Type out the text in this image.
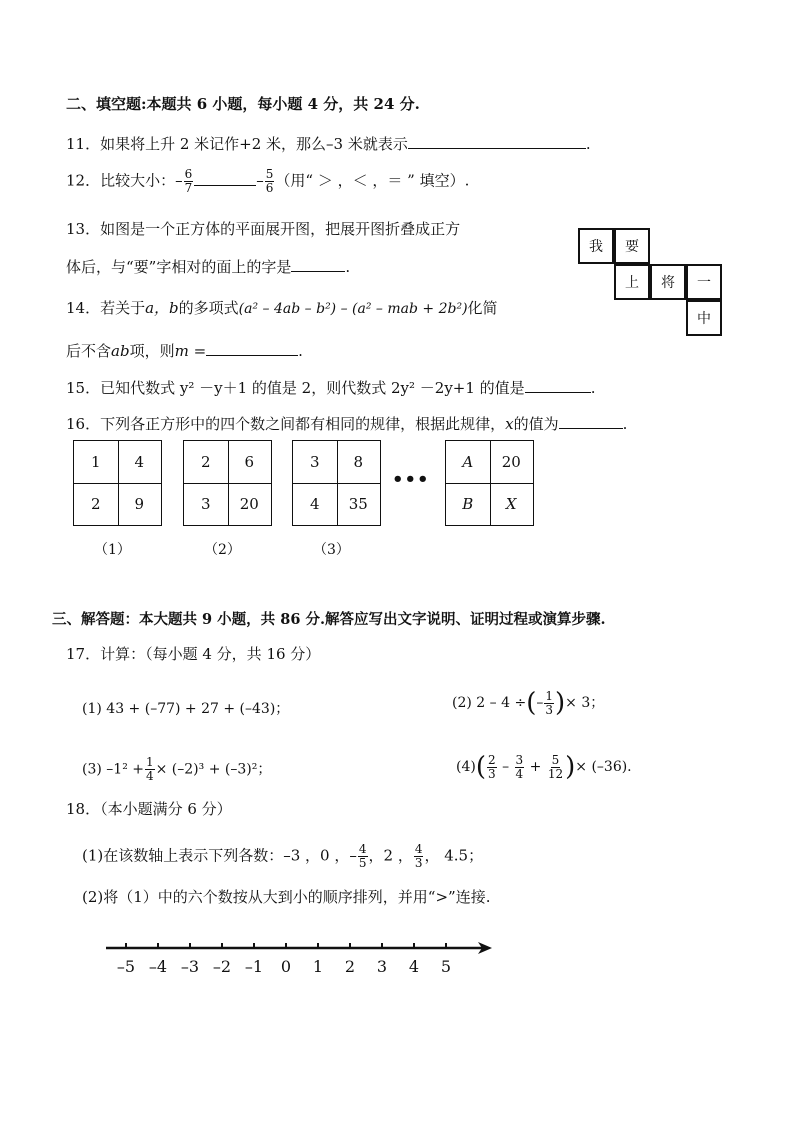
二、填空题:本题共 6 小题，每小题 4 分，共 24 分.
11．如果将上升 2 米记作+2 米，那么–3 米就表示	.
12．比较大小：– $\frac{6}{7}$	– $\frac{5}{6}$ （用“ ＞ ，＜ ，＝ ” 填空）.
13．如图是一个正方体的平面展开图，把展开图折叠成正方
体后，与“要”字相对的面上的字是	.
我	要
上	将	一
中
14．若关于a，b的多项式(a² – 4ab – b²) – (a² – mab + 2b²)化简
后不含ab项，则m =	.
15．已知代数式 y² －y＋1 的值是 2，则代数式 2y² －2y+1 的值是	.
16．下列各正方形中的四个数之间都有相同的规律，根据此规律，x的值为	.
1	4
2	9
2	6
3	20
3	8
4	35
•••
A	20
B	X
（1）	（2）	（3）
三、解答题：本大题共 9 小题，共 86 分.解答应写出文字说明、证明过程或演算步骤.
17．计算：（每小题 4 分，共 16 分）
(1) 43 + (–77) + 27 + (–43)；	(2) 2 – 4 ÷(– $\frac{1}{3}$ )× 3；
(3) $-1^2 + \frac{1}{4} \times (-2)^3 + (-3)^2$；	$(4)( \frac{2}{3} - \frac{3}{4} + \frac{5}{12}$ )× (–36).
18．（本小题满分 6 分）
(1)在该数轴上表示下列各数：–3 ，0 ，– $\frac{4}{5}$ ，2 ， $\frac{4}{3}$ ， 4.5；
(2)将（1）中的六个数按从大到小的顺序排列，并用“>”连接.
–5 –4 –3 –2 –1 0 1 2 3 4 5
